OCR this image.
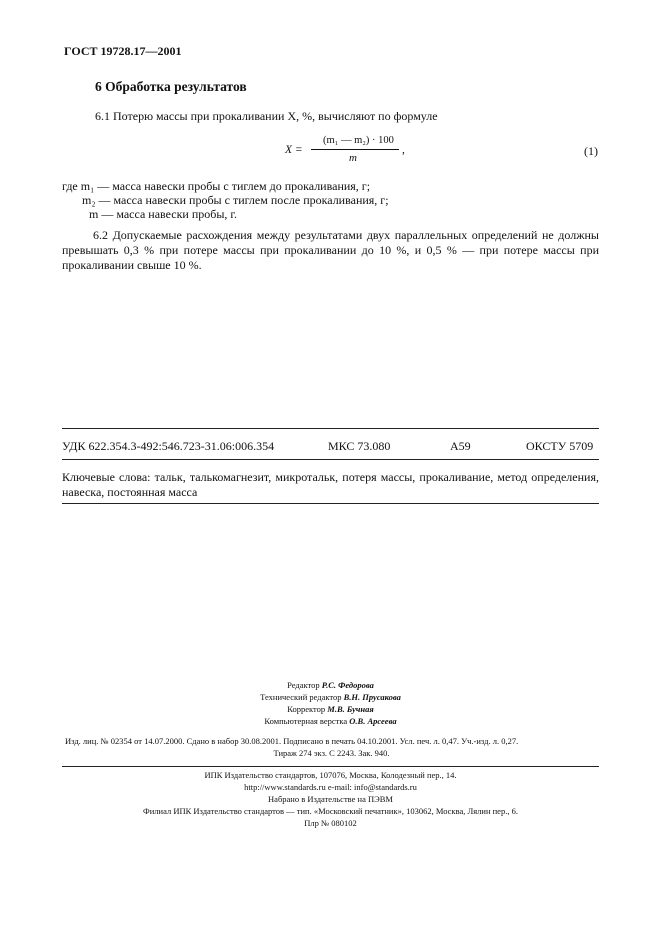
ГОСТ 19728.17—2001
6 Обработка результатов
6.1 Потерю массы при прокаливании X, %, вычисляют по формуле
X =
(m₁ — m₂) · 100
m
,	(1)
где m₁ — масса навески пробы с тиглем до прокаливания, г;
m₂ — масса навески пробы с тиглем после прокаливания, г;
m — масса навески пробы, г.
6.2 Допускаемые расхождения между результатами двух параллельных определений не должны превышать 0,3 % при потере массы при прокаливании до 10 %, и 0,5 % — при потере массы при прокаливании свыше 10 %.
УДК 622.354.3-492:546.723-31.06:006.354	МКС 73.080	А59	ОКСТУ 5709
Ключевые слова: тальк, талькомагнезит, микротальк, потеря массы, прокаливание, метод определения, навеска, постоянная масса
Редактор Р.С. Федорова
Технический редактор В.Н. Прусакова
Корректор М.В. Бучная
Компьютерная верстка О.В. Арсеева
Изд. лиц. № 02354 от 14.07.2000. Сдано в набор 30.08.2001. Подписано в печать 04.10.2001. Усл. печ. л. 0,47. Уч.-изд. л. 0,27.
Тираж 274 экз. С 2243. Зак. 940.
ИПК Издательство стандартов, 107076, Москва, Колодезный пер., 14.
http://www.standards.ru e-mail: info@standards.ru
Набрано в Издательстве на ПЭВМ
Филиал ИПК Издательство стандартов — тип. «Московский печатник», 103062, Москва, Лялин пер., 6.
Плр № 080102
